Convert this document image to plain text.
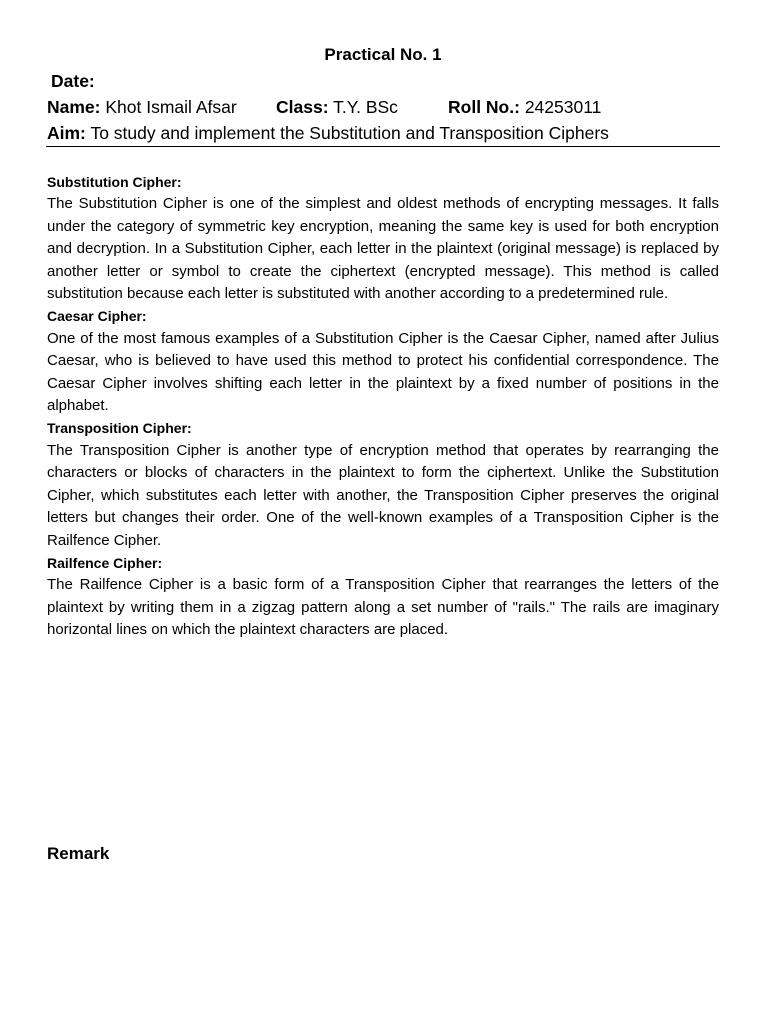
Practical No. 1
Date:
Name: Khot Ismail Afsar Class: T.Y. BSc	Roll No.: 24253011
Aim: To study and implement the Substitution and Transposition Ciphers

Substitution Cipher:

The Substitution Cipher is one of the simplest and oldest methods of encrypting messages. It falls under the category of symmetric key encryption, meaning the same key is used for both encryption and decryption. In a Substitution Cipher, each letter in the plaintext (original message) is replaced by another letter or symbol to create the ciphertext (encrypted message). This method is called substitution because each letter is substituted with another according to a predetermined rule.

Caesar Cipher:

One of the most famous examples of a Substitution Cipher is the Caesar Cipher, named after Julius Caesar, who is believed to have used this method to protect his confidential correspondence. The Caesar Cipher involves shifting each letter in the plaintext by a fixed number of positions in the alphabet.

Transposition Cipher:

The Transposition Cipher is another type of encryption method that operates by rearranging the characters or blocks of characters in the plaintext to form the ciphertext. Unlike the Substitution Cipher, which substitutes each letter with another, the Transposition Cipher preserves the original letters but changes their order. One of the well-known examples of a Transposition Cipher is the Railfence Cipher.

Railfence Cipher:

The Railfence Cipher is a basic form of a Transposition Cipher that rearranges the letters of the plaintext by writing them in a zigzag pattern along a set number of "rails." The rails are imaginary horizontal lines on which the plaintext characters are placed.

Remark
